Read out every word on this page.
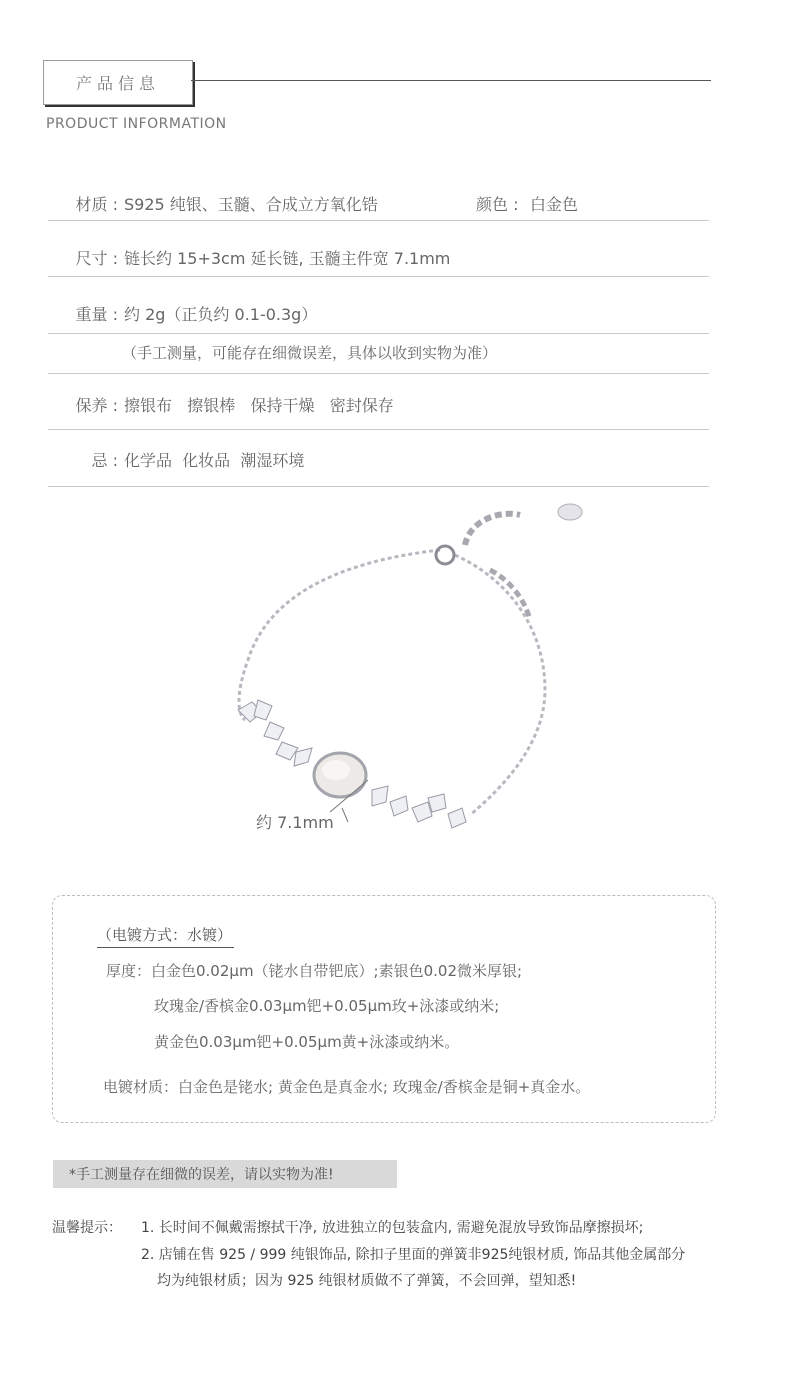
产品信息
PRODUCT INFORMATION
材质 : S925 纯银、玉髓、合成立方氧化锆	颜色 : 白金色
尺寸 : 链长约 15+3cm 延长链, 玉髓主件宽 7.1mm
重量 : 约 2g（正负约 0.1-0.3g）
（手工测量，可能存在细微误差，具体以收到实物为准）
保养 : 擦银布   擦银棒   保持干燥   密封保存
忌 : 化学品  化妆品  潮湿环境
约 7.1mm
（电镀方式：水镀）
厚度：白金色0.02μm（铑水自带钯底）;素银色0.02微米厚银;
玫瑰金/香槟金0.03μm钯+0.05μm玫+泳漆或纳米;
黄金色0.03μm钯+0.05μm黄+泳漆或纳米。
电镀材质：白金色是铑水; 黄金色是真金水; 玫瑰金/香槟金是铜+真金水。
*手工测量存在细微的误差，请以实物为准!
温馨提示： 1. 长时间不佩戴需擦拭干净, 放进独立的包装盒内, 需避免混放导致饰品摩擦损坏;
2. 店铺在售 925 / 999 纯银饰品, 除扣子里面的弹簧非925纯银材质, 饰品其他金属部分
均为纯银材质；因为 925 纯银材质做不了弹簧，不会回弹，望知悉!
